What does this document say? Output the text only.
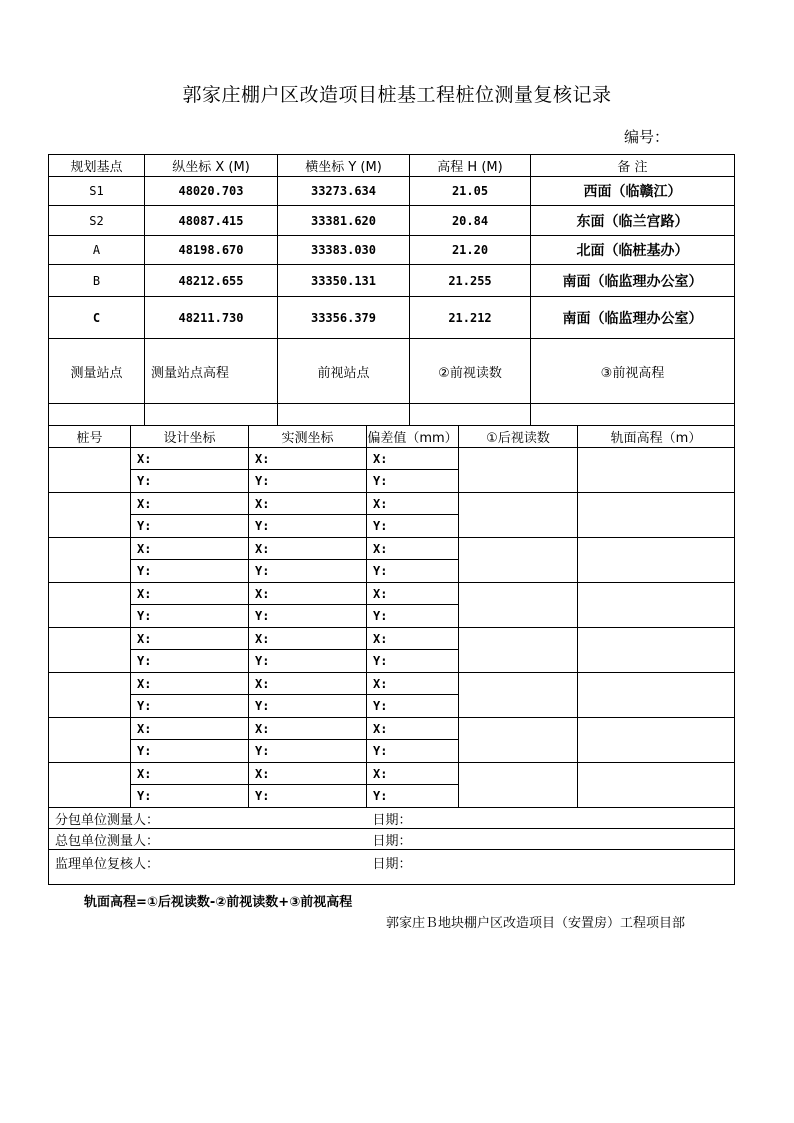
郭家庄棚户区改造项目桩基工程桩位测量复核记录
编号：
规划基点	纵坐标 X (M)	横坐标 Y (M)	高程 H (M)	备 注
S1	48020.703	33273.634	21.05	西面（临赣江）
S2	48087.415	33381.620	20.84	东面（临兰宫路）
A	48198.670	33383.030	21.20	北面（临桩基办）
B	48212.655	33350.131	21.255	南面（临监理办公室）
C	48211.730	33356.379	21.212	南面（临监理办公室）
测量站点	测量站点高程	前视站点	②前视读数	③前视高程

桩号	设计坐标	实测坐标	偏差值（mm）	①后视读数	轨面高程（m）
	X:	X:	X:		
	Y:	Y:	Y:		
	X:	X:	X:		
	Y:	Y:	Y:		
	X:	X:	X:		
	Y:	Y:	Y:		
	X:	X:	X:		
	Y:	Y:	Y:		
	X:	X:	X:		
	Y:	Y:	Y:		
	X:	X:	X:		
	Y:	Y:	Y:		
	X:	X:	X:		
	Y:	Y:	Y:		
	X:	X:	X:		
	Y:	Y:	Y:		
分包单位测量人：			日期：		
总包单位测量人：			日期：		
监理单位复核人：			日期：		
轨面高程=①后视读数-②前视读数+③前视高程
郭家庄Ｂ地块棚户区改造项目（安置房）工程项目部
